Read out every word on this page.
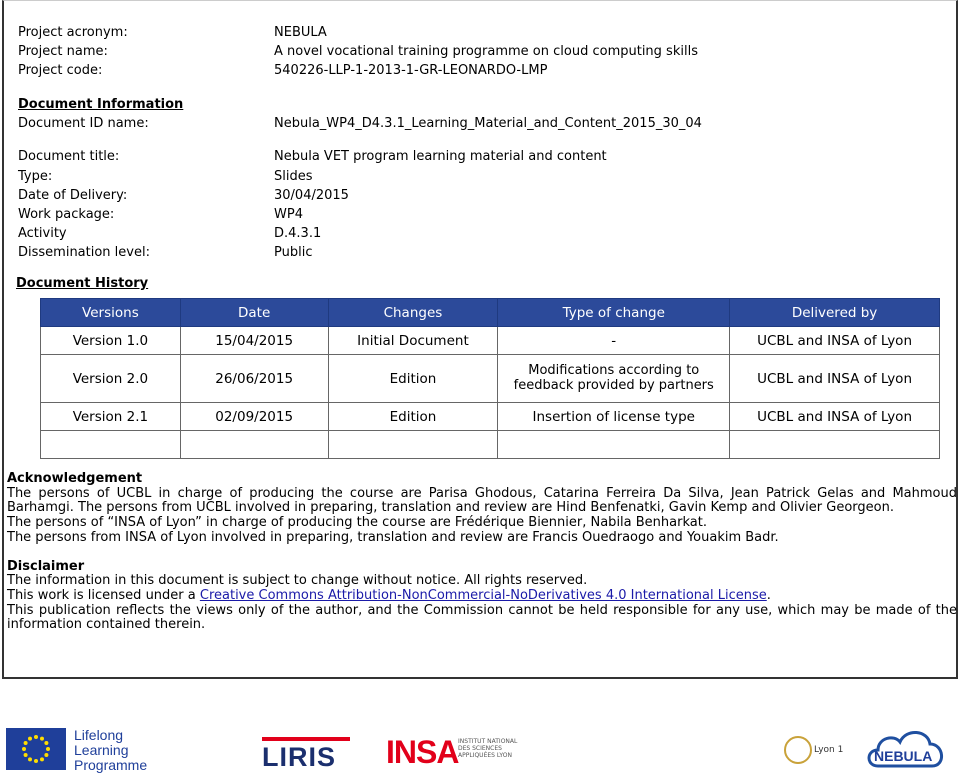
Project acronym:	NEBULA
Project name:	A novel vocational training programme on cloud computing skills
Project code:	540226-LLP-1-2013-1-GR-LEONARDO-LMP
Document Information
Document ID name:	Nebula_WP4_D4.3.1_Learning_Material_and_Content_2015_30_04
Document title:	Nebula VET program learning material and content
Type:	Slides
Date of Delivery:	30/04/2015
Work package:	WP4
Activity	D.4.3.1
Dissemination level:	Public
Document History
Versions	Date	Changes	Type of change	Delivered by
Version 1.0	15/04/2015	Initial Document	-	UCBL and INSA of Lyon
Version 2.0	26/06/2015	Edition	Modifications according to feedback provided by partners	UCBL and INSA of Lyon
Version 2.1	02/09/2015	Edition	Insertion of license type	UCBL and INSA of Lyon

Acknowledgement

The persons of UCBL in charge of producing the course are Parisa Ghodous, Catarina Ferreira Da Silva, Jean Patrick Gelas and Mahmoud Barhamgi. The persons from UCBL involved in preparing, translation and review are Hind Benfenatki, Gavin Kemp and Olivier Georgeon.

The persons of “INSA of Lyon” in charge of producing the course are Frédérique Biennier, Nabila Benharkat.

The persons from INSA of Lyon involved in preparing, translation and review are Francis Ouedraogo and Youakim Badr.

Disclaimer

The information in this document is subject to change without notice. All rights reserved.

This work is licensed under a Creative Commons Attribution-NonCommercial-NoDerivatives 4.0 International License.

This publication reflects the views only of the author, and the Commission cannot be held responsible for any use, which may be made of the information contained therein.

Lifelong
Learning
Programme	LIRIS INSA INSTITUT NATIONAL DES SCIENCES APPLIQUÉES LYON
Lyon 1 NEBULA
